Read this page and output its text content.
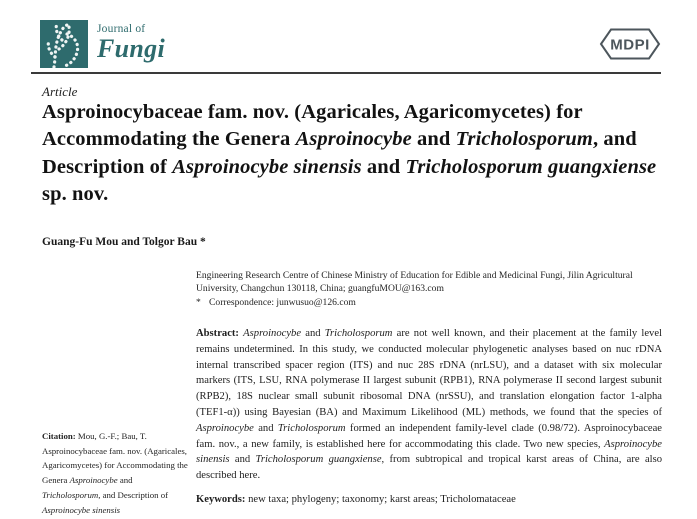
Journal of
Fungi	MDPI
Article
Asproinocybaceae fam. nov. (Agaricales, Agaricomycetes) for Accommodating the Genera Asproinocybe and Tricholosporum, and Description of Asproinocybe sinensis and Tricholosporum guangxiense sp. nov.
Guang-Fu Mou and Tolgor Bau *
Engineering Research Centre of Chinese Ministry of Education for Edible and Medicinal Fungi, Jilin Agricultural University, Changchun 130118, China; guangfuMOU@163.com
* Correspondence: junwusuo@126.com

Abstract: Asproinocybe and Tricholosporum are not well known, and their placement at the family level remains undetermined. In this study, we conducted molecular phylogenetic analyses based on nuc rDNA internal transcribed spacer region (ITS) and nuc 28S rDNA (nrLSU), and a dataset with six molecular markers (ITS, LSU, RNA polymerase II largest subunit (RPB1), RNA polymerase II second largest subunit (RPB2), 18S nuclear small subunit ribosomal DNA (nrSSU), and translation elongation factor 1-alpha (TEF1-α)) using Bayesian (BA) and Maximum Likelihood (ML) methods, we found that the species of Asproinocybe and Tricholosporum formed an independent family-level clade (0.98/72). Asproinocybaceae fam. nov., a new family, is established here for accommodating this clade. Two new species, Asproinocybe sinensis and Tricholosporum guangxiense, from subtropical and tropical karst areas of China, are also described here.

Keywords: new taxa; phylogeny; taxonomy; karst areas; Tricholomataceae

Citation: Mou, G.-F.; Bau, T. Asproinocybaceae fam. nov. (Agaricales, Agaricomycetes) for Accommodating the Genera Asproinocybe and Tricholosporum, and Description of Asproinocybe sinensis
